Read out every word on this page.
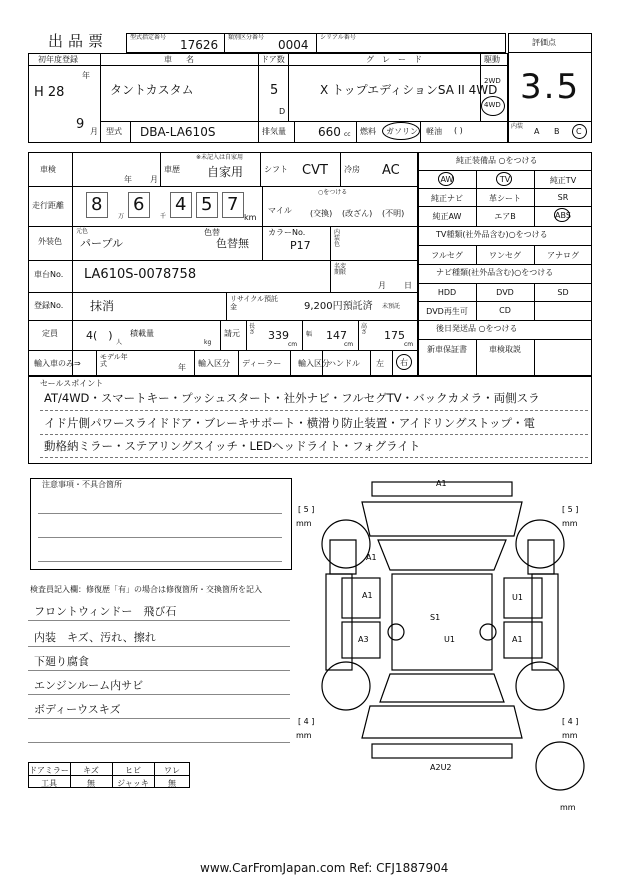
出品票	型式指定番号
17626
類別区分番号
0004
シリアル番号
評価点
3.5
初年度登録
H 28
年
9 月
車名
タントカスタム
ドア数
5
D
グレード
X トップエディションSA II 4WD
駆動
2WD
4WD
型式 DBA-LA610S	排気量	660 cc 燃料 ガソリン 軽油 ( )	内装
A B C
車検
年 月
車歴
※未記入は自家用
自家用	シフト CVT 冷房 AC
走行距離 8 6 4 5 7
万	千	km
マイル
○をつける
(交換) (改ざん) (不明)
元色
外装色 パープル
色替
色替無
カラーNo.
P17
内装色
車台No. LA610S-0078758
名変期限
月 日
登録No. 抹消	リサイクル預託金	9,200円預託済 未預託
定員	4(　)
人
積載量
kg
請元
長さ 339
cm
幅 147
cm
高さ 175
cm
輸入車のみ⇒
モデル年式	年 輸入区分 ディーラー 輸入区分
ハンドル 左 右
純正装備品 ○をつける
AW	TV	純正TV
純正ナビ	革シート	SR
純正AW	エアB	ABS
TV種類(社外品含む)○をつける
フルセグ	ワンセグ	アナログ
ナビ種類(社外品含む)○をつける
HDD	DVD	SD
DVD再生可	CD
後日発送品 ○をつける
新車保証書	車検取説
セールスポイント
AT/4WD・スマートキー・プッシュスタート・社外ナビ・フルセグTV・バックカメラ・両側スラ
イド片側パワースライドドア・ブレーキサポート・横滑り防止装置・アイドリングストップ・電
動格納ミラー・ステアリングスイッチ・LEDヘッドライト・フォグライト
注意事項・不具合箇所
検査員記入欄：修復歴「有」の場合は修復箇所・交換箇所を記入
フロントウィンドー　飛び石
内装　キズ、汚れ、擦れ
下廻り腐食
エンジンルーム内サビ
ボディーウスキズ
ドアミラー	キズ	ヒビ	ワレ
工具	無	ジャッキ	無
A1
A1
A1
S1
U1
A3	U1	A1
A2U2
[ 5 ]
mm
[ 5 ]
mm
[ 4 ]
mm
[ 4 ]
mm
mm
www.CarFromJapan.com Ref: CFJ1887904
